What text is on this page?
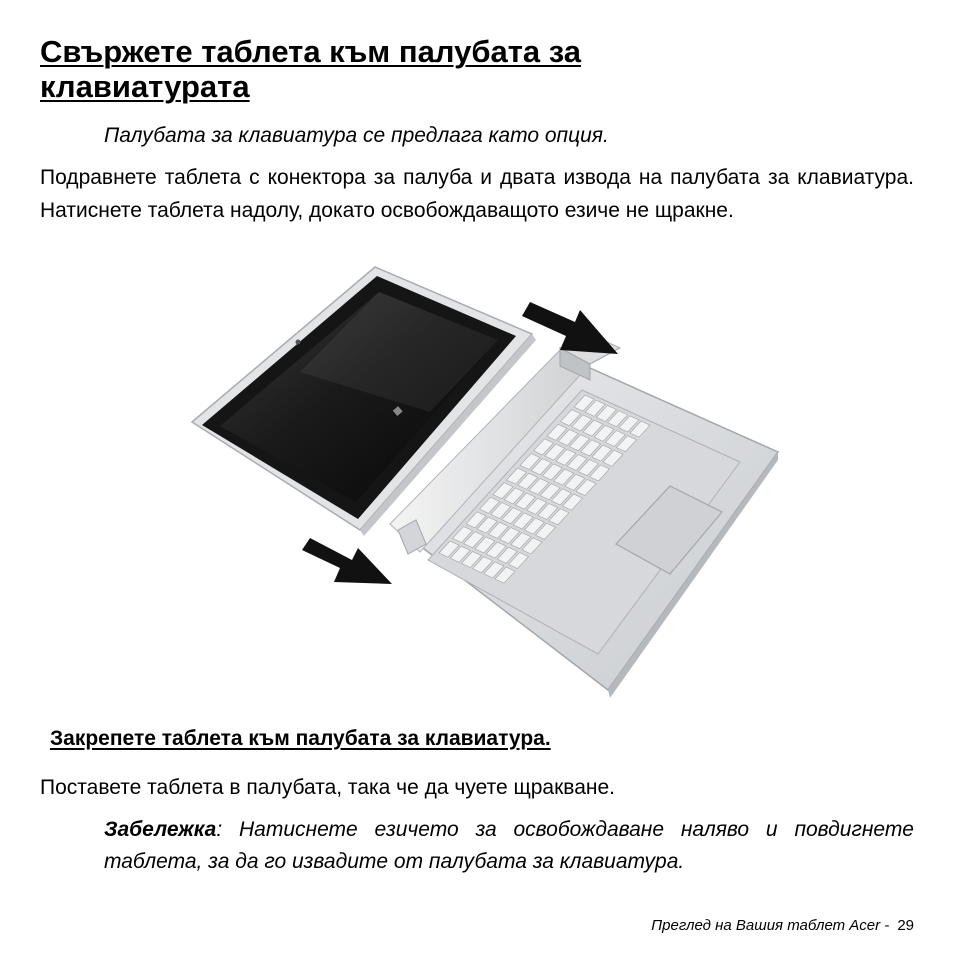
Свържете таблета към палубата за
клавиатурата

Палубата за клавиатура се предлага като опция.

Подравнете таблета с конектора за палуба и двата извода на палубата за клавиатура. Натиснете таблета надолу, докато освобождаващото езиче не щракне.

Закрепете таблета към палубата за клавиатура.

Поставете таблета в палубата, така че да чуете щракване.

Забележка: Натиснете езичето за освобождаване наляво и повдигнете таблета, за да го извадите от палубата за клавиатура.

Преглед на Вашия таблет Acer - 29
